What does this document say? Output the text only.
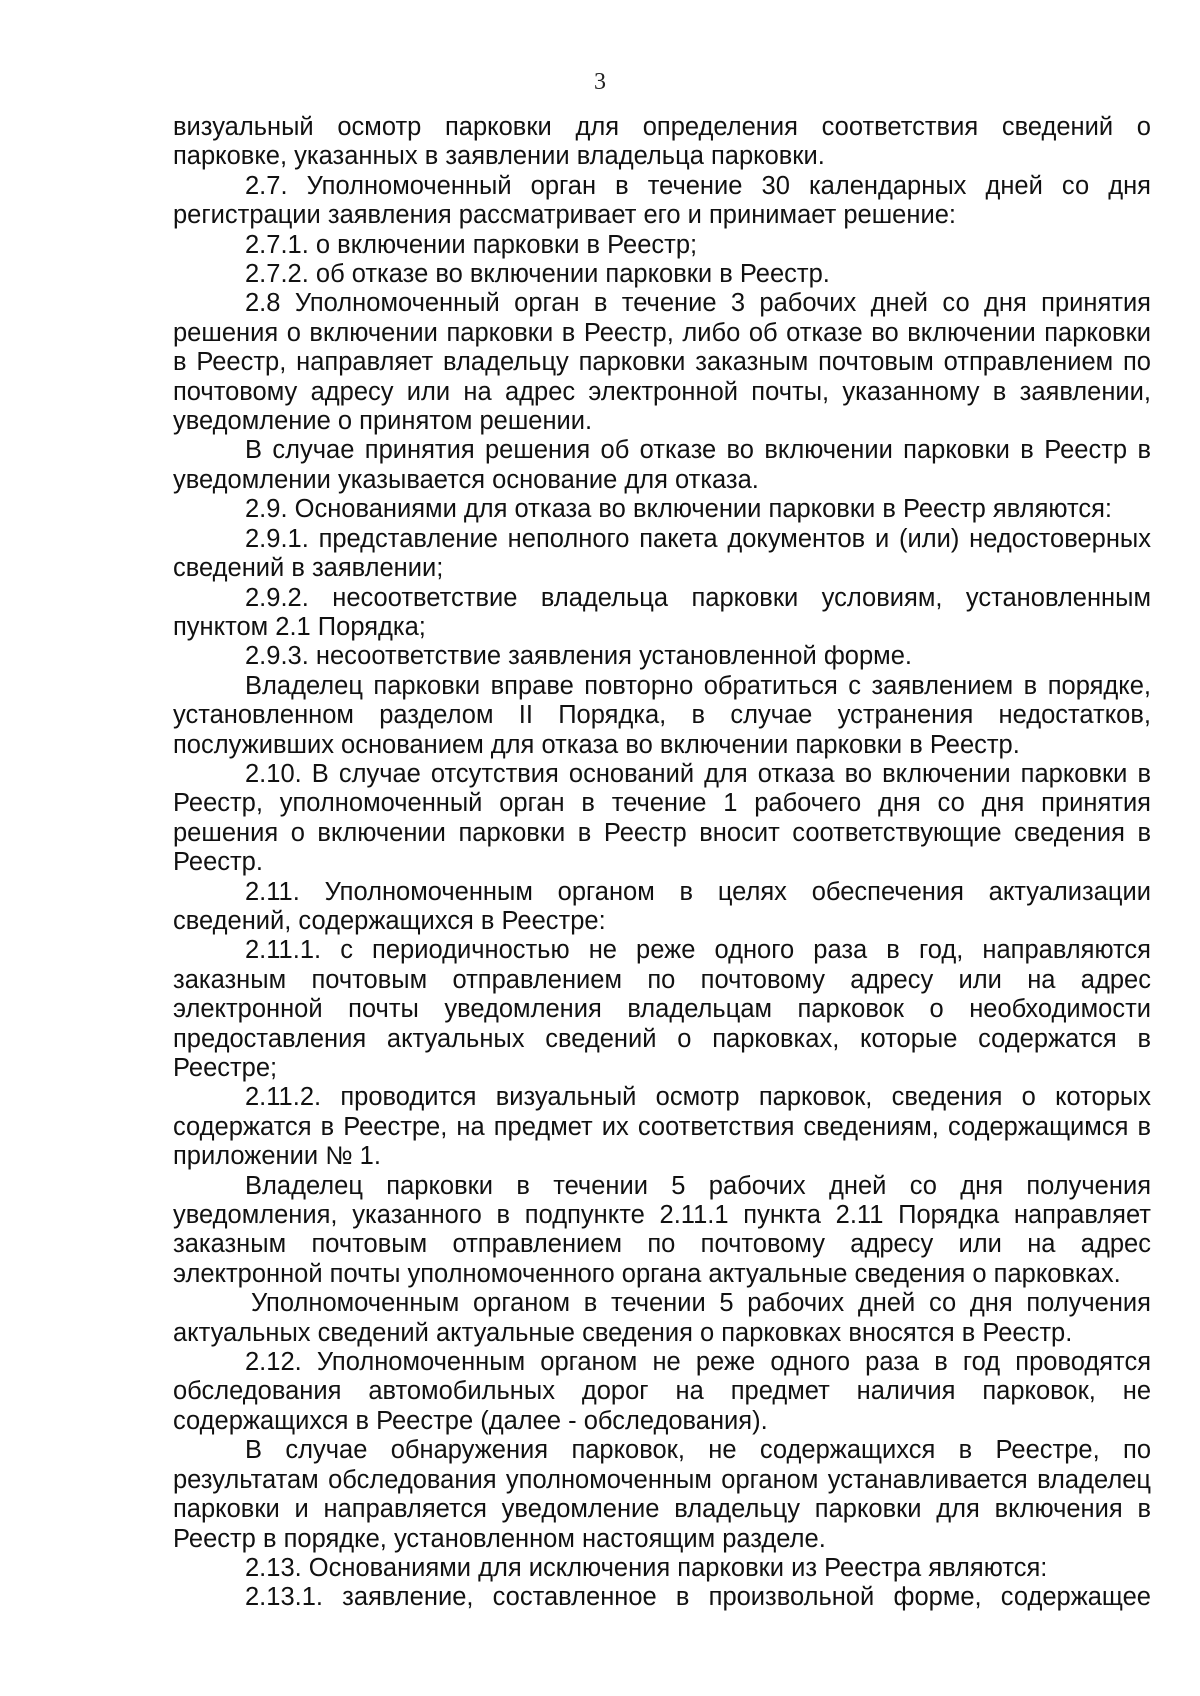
3

визуальный осмотр парковки для определения соответствия сведений о парковке, указанных в заявлении владельца парковки.

2.7. Уполномоченный орган в течение 30 календарных дней со дня регистрации заявления рассматривает его и принимает решение:

2.7.1. о включении парковки в Реестр;

2.7.2. об отказе во включении парковки в Реестр.

2.8 Уполномоченный орган в течение 3 рабочих дней со дня принятия решения о включении парковки в Реестр, либо об отказе во включении парковки в Реестр, направляет владельцу парковки заказным почтовым отправлением по почтовому адресу или на адрес электронной почты, указанному в заявлении, уведомление о принятом решении.

В случае принятия решения об отказе во включении парковки в Реестр в уведомлении указывается основание для отказа.

2.9. Основаниями для отказа во включении парковки в Реестр являются:

2.9.1. представление неполного пакета документов и (или) недостоверных сведений в заявлении;

2.9.2. несоответствие владельца парковки условиям, установленным пунктом 2.1 Порядка;

2.9.3. несоответствие заявления установленной форме.

Владелец парковки вправе повторно обратиться с заявлением в порядке, установленном разделом II Порядка, в случае устранения недостатков, послуживших основанием для отказа во включении парковки в Реестр.

2.10. В случае отсутствия оснований для отказа во включении парковки в Реестр, уполномоченный орган в течение 1 рабочего дня со дня принятия решения о включении парковки в Реестр вносит соответствующие сведения в Реестр.

2.11. Уполномоченным органом в целях обеспечения актуализации сведений, содержащихся в Реестре:

2.11.1. с периодичностью не реже одного раза в год, направляются заказным почтовым отправлением по почтовому адресу или на адрес электронной почты уведомления владельцам парковок о необходимости предоставления актуальных сведений о парковках, которые содержатся в Реестре;

2.11.2. проводится визуальный осмотр парковок, сведения о которых содержатся в Реестре, на предмет их соответствия сведениям, содержащимся в приложении № 1.

Владелец парковки в течении 5 рабочих дней со дня получения уведомления, указанного в подпункте 2.11.1 пункта 2.11 Порядка направляет заказным почтовым отправлением по почтовому адресу или на адрес электронной почты уполномоченного органа актуальные сведения о парковках.

Уполномоченным органом в течении 5 рабочих дней со дня получения актуальных сведений актуальные сведения о парковках вносятся в Реестр.

2.12. Уполномоченным органом не реже одного раза в год проводятся обследования автомобильных дорог на предмет наличия парковок, не содержащихся в Реестре (далее - обследования).

В случае обнаружения парковок, не содержащихся в Реестре, по результатам обследования уполномоченным органом устанавливается владелец парковки и направляется уведомление владельцу парковки для включения в Реестр в порядке, установленном настоящим разделе.

2.13. Основаниями для исключения парковки из Реестра являются:

2.13.1. заявление, составленное в произвольной форме, содержащее
